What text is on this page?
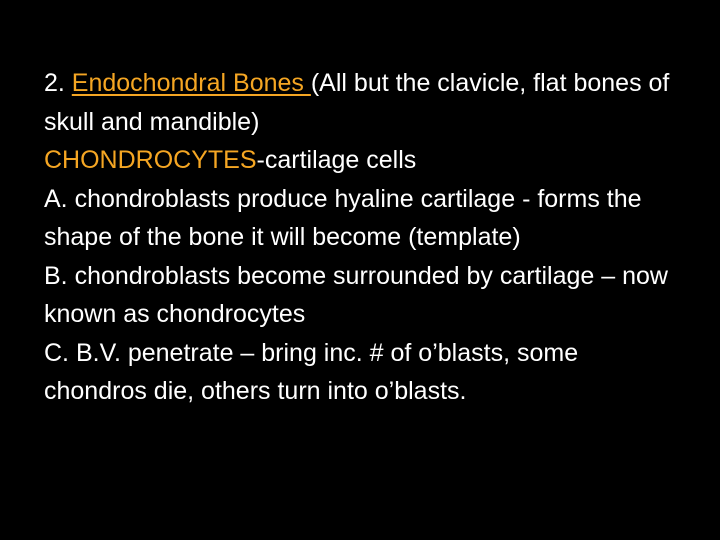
2. Endochondral Bones (All but the clavicle, flat bones of skull and mandible)

CHONDROCYTES-cartilage cells

A. chondroblasts produce hyaline cartilage - forms the shape of the bone it will become (template)

B. chondroblasts become surrounded by cartilage – now known as chondrocytes

C. B.V. penetrate – bring inc. # of o’blasts, some chondros die, others turn into o’blasts.
